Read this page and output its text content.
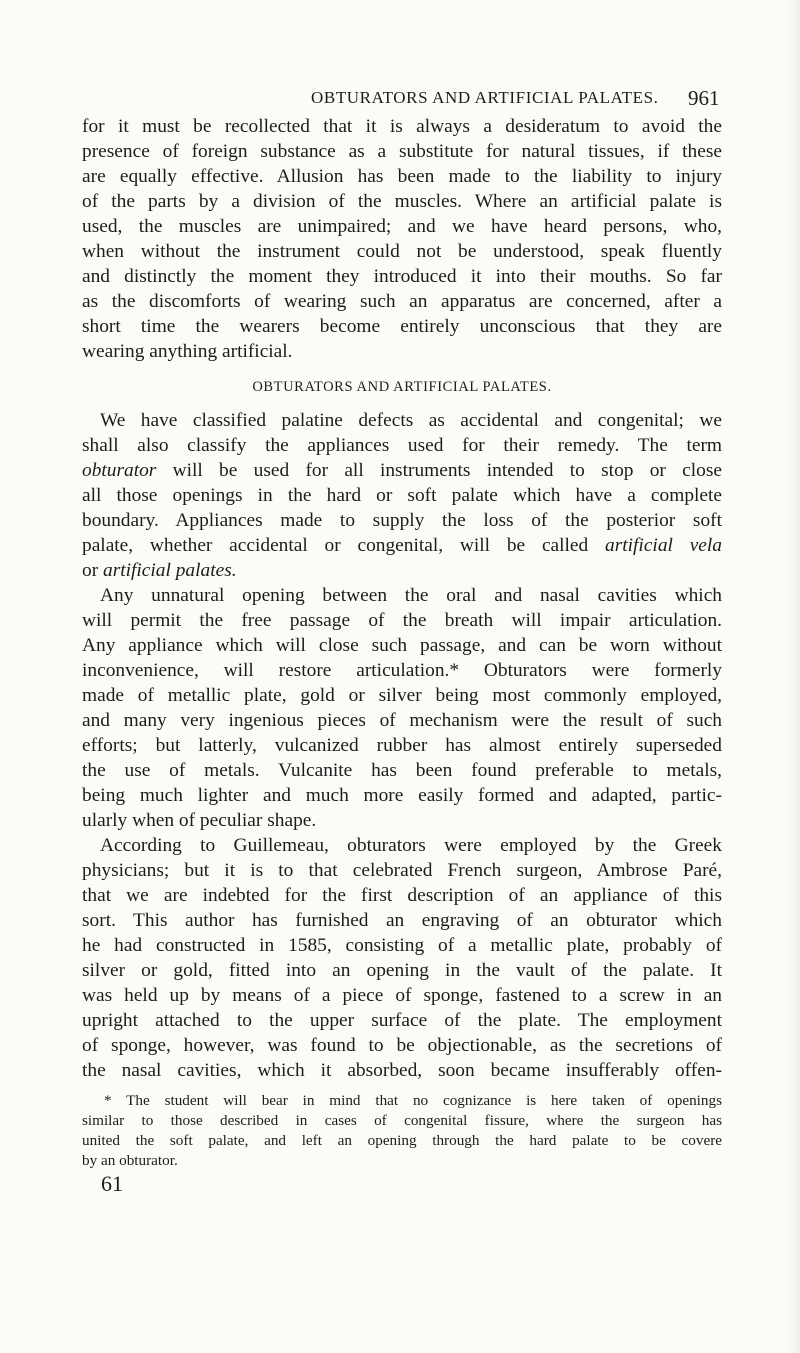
OBTURATORS AND ARTIFICIAL PALATES. 961
for it must be recollected that it is always a desideratum to avoid the
presence of foreign substance as a substitute for natural tissues, if these
are equally effective. Allusion has been made to the liability to injury
of the parts by a division of the muscles. Where an artificial palate is
used, the muscles are unimpaired; and we have heard persons, who,
when without the instrument could not be understood, speak fluently
and distinctly the moment they introduced it into their mouths. So far
as the discomforts of wearing such an apparatus are concerned, after a
short time the wearers become entirely unconscious that they are
wearing anything artificial.
OBTURATORS AND ARTIFICIAL PALATES.
We have classified palatine defects as accidental and congenital; we
shall also classify the appliances used for their remedy. The term
obturator will be used for all instruments intended to stop or close
all those openings in the hard or soft palate which have a complete
boundary. Appliances made to supply the loss of the posterior soft
palate, whether accidental or congenital, will be called artificial vela
or artificial palates.
Any unnatural opening between the oral and nasal cavities which
will permit the free passage of the breath will impair articulation.
Any appliance which will close such passage, and can be worn without
inconvenience, will restore articulation.* Obturators were formerly
made of metallic plate, gold or silver being most commonly employed,
and many very ingenious pieces of mechanism were the result of such
efforts; but latterly, vulcanized rubber has almost entirely superseded
the use of metals. Vulcanite has been found preferable to metals,
being much lighter and much more easily formed and adapted, partic-
ularly when of peculiar shape.
According to Guillemeau, obturators were employed by the Greek
physicians; but it is to that celebrated French surgeon, Ambrose Paré,
that we are indebted for the first description of an appliance of this
sort. This author has furnished an engraving of an obturator which
he had constructed in 1585, consisting of a metallic plate, probably of
silver or gold, fitted into an opening in the vault of the palate. It
was held up by means of a piece of sponge, fastened to a screw in an
upright attached to the upper surface of the plate. The employment
of sponge, however, was found to be objectionable, as the secretions of
the nasal cavities, which it absorbed, soon became insufferably offen-
* The student will bear in mind that no cognizance is here taken of openings
similar to those described in cases of congenital fissure, where the surgeon has
united the soft palate, and left an opening through the hard palate to be covere
by an obturator.
61
